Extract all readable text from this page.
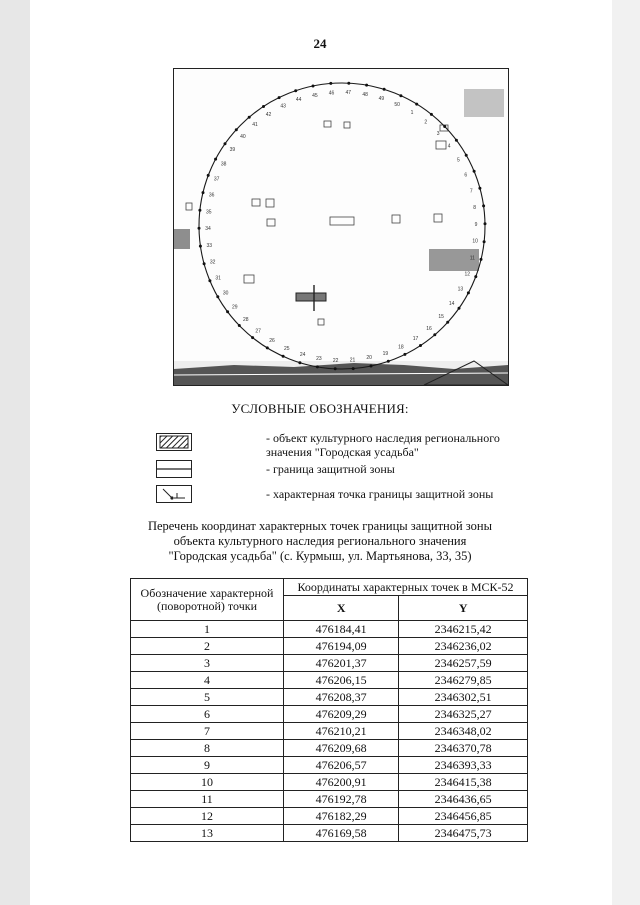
24
1
2
3
4
5
6
7
8
9
10
11
12
13
14
15
16
17
18
19
20
21
22
23
24
25
26
27
28
29
30
31
32
33
34
35
36
37
38
39
40
41
42
43
44
45 46 47 48
49
50
УСЛОВНЫЕ ОБОЗНАЧЕНИЯ:
- объект культурного наследия регионального значения "Городская усадьба"
- граница защитной зоны
- характерная точка границы защитной зоны
Перечень координат характерных точек границы защитной зоны
объекта культурного наследия регионального значения
"Городская усадьба" (с. Курмыш, ул. Мартьянова, 33, 35)
Обозначение характерной (поворотной) точки	Координаты характерных точек в МСК-52	
	X	Y
1	476184,41	2346215,42
2	476194,09	2346236,02
3	476201,37	2346257,59
4	476206,15	2346279,85
5	476208,37	2346302,51
6	476209,29	2346325,27
7	476210,21	2346348,02
8	476209,68	2346370,78
9	476206,57	2346393,33
10	476200,91	2346415,38
11	476192,78	2346436,65
12	476182,29	2346456,85
13	476169,58	2346475,73
